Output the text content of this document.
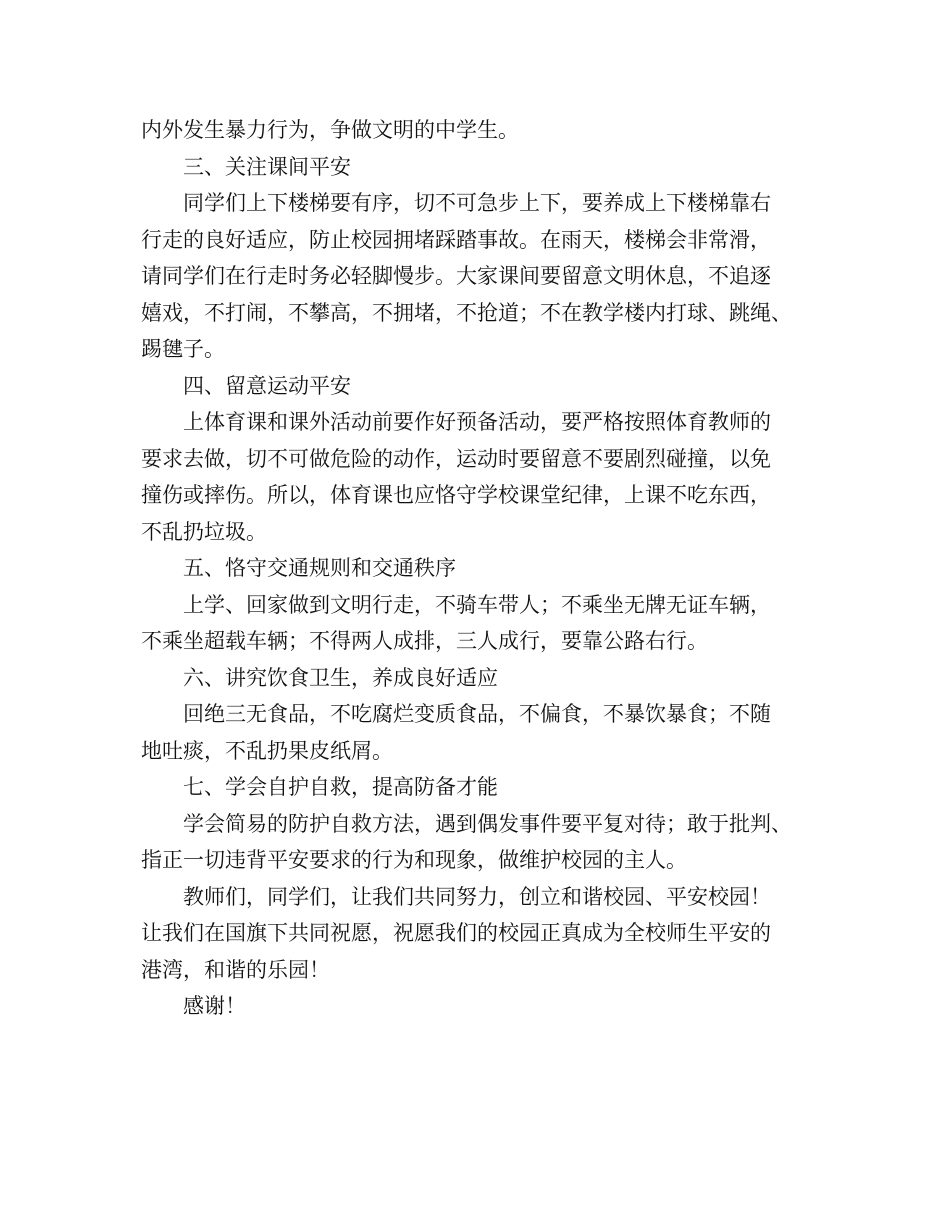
内外发生暴力行为，争做文明的中学生。
三、关注课间平安
同学们上下楼梯要有序，切不可急步上下，要养成上下楼梯靠右
行走的良好适应，防止校园拥堵踩踏事故。在雨天，楼梯会非常滑，
请同学们在行走时务必轻脚慢步。大家课间要留意文明休息，不追逐
嬉戏，不打闹，不攀高，不拥堵，不抢道；不在教学楼内打球、跳绳、
踢毽子。
四、留意运动平安
上体育课和课外活动前要作好预备活动，要严格按照体育教师的
要求去做，切不可做危险的动作，运动时要留意不要剧烈碰撞，以免
撞伤或摔伤。所以，体育课也应恪守学校课堂纪律，上课不吃东西，
不乱扔垃圾。
五、恪守交通规则和交通秩序
上学、回家做到文明行走，不骑车带人；不乘坐无牌无证车辆，
不乘坐超载车辆；不得两人成排，三人成行，要靠公路右行。
六、讲究饮食卫生，养成良好适应
回绝三无食品，不吃腐烂变质食品，不偏食，不暴饮暴食；不随
地吐痰，不乱扔果皮纸屑。
七、学会自护自救，提高防备才能
学会简易的防护自救方法，遇到偶发事件要平复对待；敢于批判、
指正一切违背平安要求的行为和现象，做维护校园的主人。
教师们，同学们，让我们共同努力，创立和谐校园、平安校园！
让我们在国旗下共同祝愿，祝愿我们的校园正真成为全校师生平安的
港湾，和谐的乐园！
感谢！
